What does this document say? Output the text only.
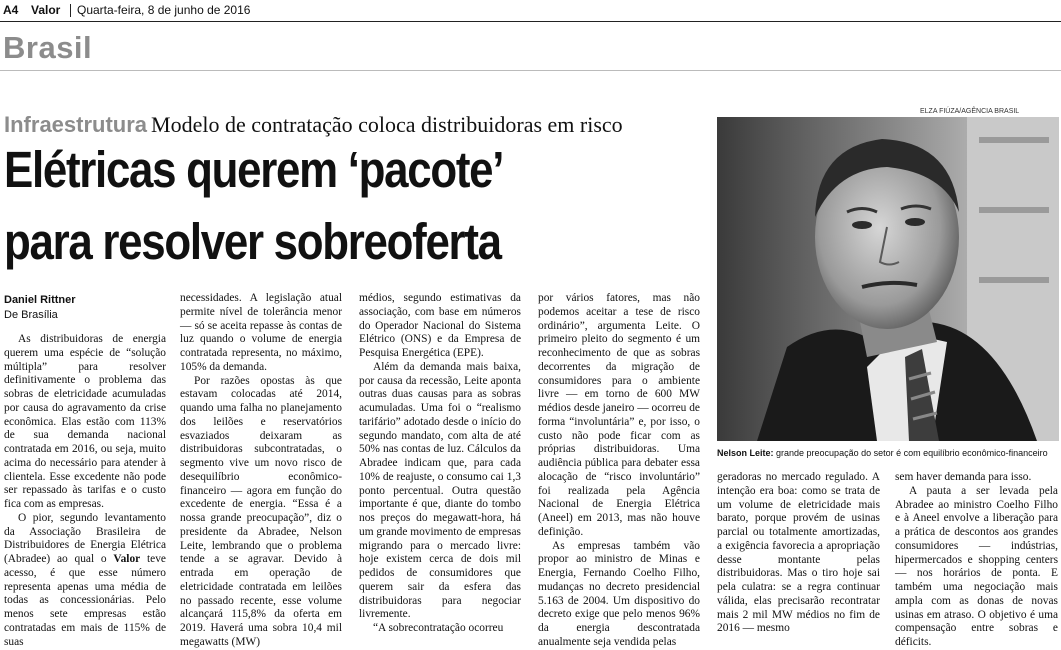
A4 Valor Quarta-feira, 8 de junho de 2016
Brasil
Infraestrutura Modelo de contratação coloca distribuidoras em risco
Elétricas querem ‘pacote’
para resolver sobreoferta
Daniel Rittner
De Brasília

As distribuidoras de energia querem uma espécie de “solução múltipla” para resolver definitivamente o problema das sobras de eletricidade acumuladas por causa do agravamento da crise econômica. Elas estão com 113% de sua demanda nacional contratada em 2016, ou seja, muito acima do necessário para atender à clientela. Esse excedente não pode ser repassado às tarifas e o custo fica com as empresas.

O pior, segundo levantamento da Associação Brasileira de Distribuidores de Energia Elétrica (Abradee) ao qual o Valor teve acesso, é que esse número representa apenas uma média de todas as concessionárias. Pelo menos sete empresas estão contratadas em mais de 115% de suas

necessidades. A legislação atual permite nível de tolerância menor — só se aceita repasse às contas de luz quando o volume de energia contratada representa, no máximo, 105% da demanda.

Por razões opostas às que estavam colocadas até 2014, quando uma falha no planejamento dos leilões e reservatórios esvaziados deixaram as distribuidoras subcontratadas, o segmento vive um novo risco de desequilíbrio econômico-financeiro — agora em função do excedente de energia. “Essa é a nossa grande preocupação”, diz o presidente da Abradee, Nelson Leite, lembrando que o problema tende a se agravar. Devido à entrada em operação de eletricidade contratada em leilões no passado recente, esse volume alcançará 115,8% da oferta em 2019. Haverá uma sobra 10,4 mil megawatts (MW)

médios, segundo estimativas da associação, com base em números do Operador Nacional do Sistema Elétrico (ONS) e da Empresa de Pesquisa Energética (EPE).

Além da demanda mais baixa, por causa da recessão, Leite aponta outras duas causas para as sobras acumuladas. Uma foi o “realismo tarifário” adotado desde o início do segundo mandato, com alta de até 50% nas contas de luz. Cálculos da Abradee indicam que, para cada 10% de reajuste, o consumo cai 1,3 ponto percentual. Outra questão importante é que, diante do tombo nos preços do megawatt-hora, há um grande movimento de empresas migrando para o mercado livre: hoje existem cerca de dois mil pedidos de consumidores que querem sair da esfera das distribuidoras para negociar livremente.

“A sobrecontratação ocorreu

por vários fatores, mas não podemos aceitar a tese de risco ordinário”, argumenta Leite. O primeiro pleito do segmento é um reconhecimento de que as sobras decorrentes da migração de consumidores para o ambiente livre — em torno de 600 MW médios desde janeiro — ocorreu de forma “involuntária” e, por isso, o custo não pode ficar com as próprias distribuidoras. Uma audiência pública para debater essa alocação de “risco involuntário” foi realizada pela Agência Nacional de Energia Elétrica (Aneel) em 2013, mas não houve definição.

As empresas também vão propor ao ministro de Minas e Energia, Fernando Coelho Filho, mudanças no decreto presidencial 5.163 de 2004. Um dispositivo do decreto exige que pelo menos 96% da energia descontratada anualmente seja vendida pelas

ELZA FIÚZA/AGÊNCIA BRASIL
Nelson Leite: grande preocupação do setor é com equilíbrio econômico-financeiro

geradoras no mercado regulado. A intenção era boa: como se trata de um volume de eletricidade mais barato, porque provém de usinas parcial ou totalmente amortizadas, a exigência favorecia a apropriação desse montante pelas distribuidoras. Mas o tiro hoje sai pela culatra: se a regra continuar válida, elas precisarão recontratar mais 2 mil MW médios no fim de 2016 — mesmo

sem haver demanda para isso.

A pauta a ser levada pela Abradee ao ministro Coelho Filho e à Aneel envolve a liberação para a prática de descontos aos grandes consumidores — indústrias, hipermercados e shopping centers — nos horários de ponta. E também uma negociação mais ampla com as donas de novas usinas em atraso. O objetivo é uma compensação entre sobras e déficits.
